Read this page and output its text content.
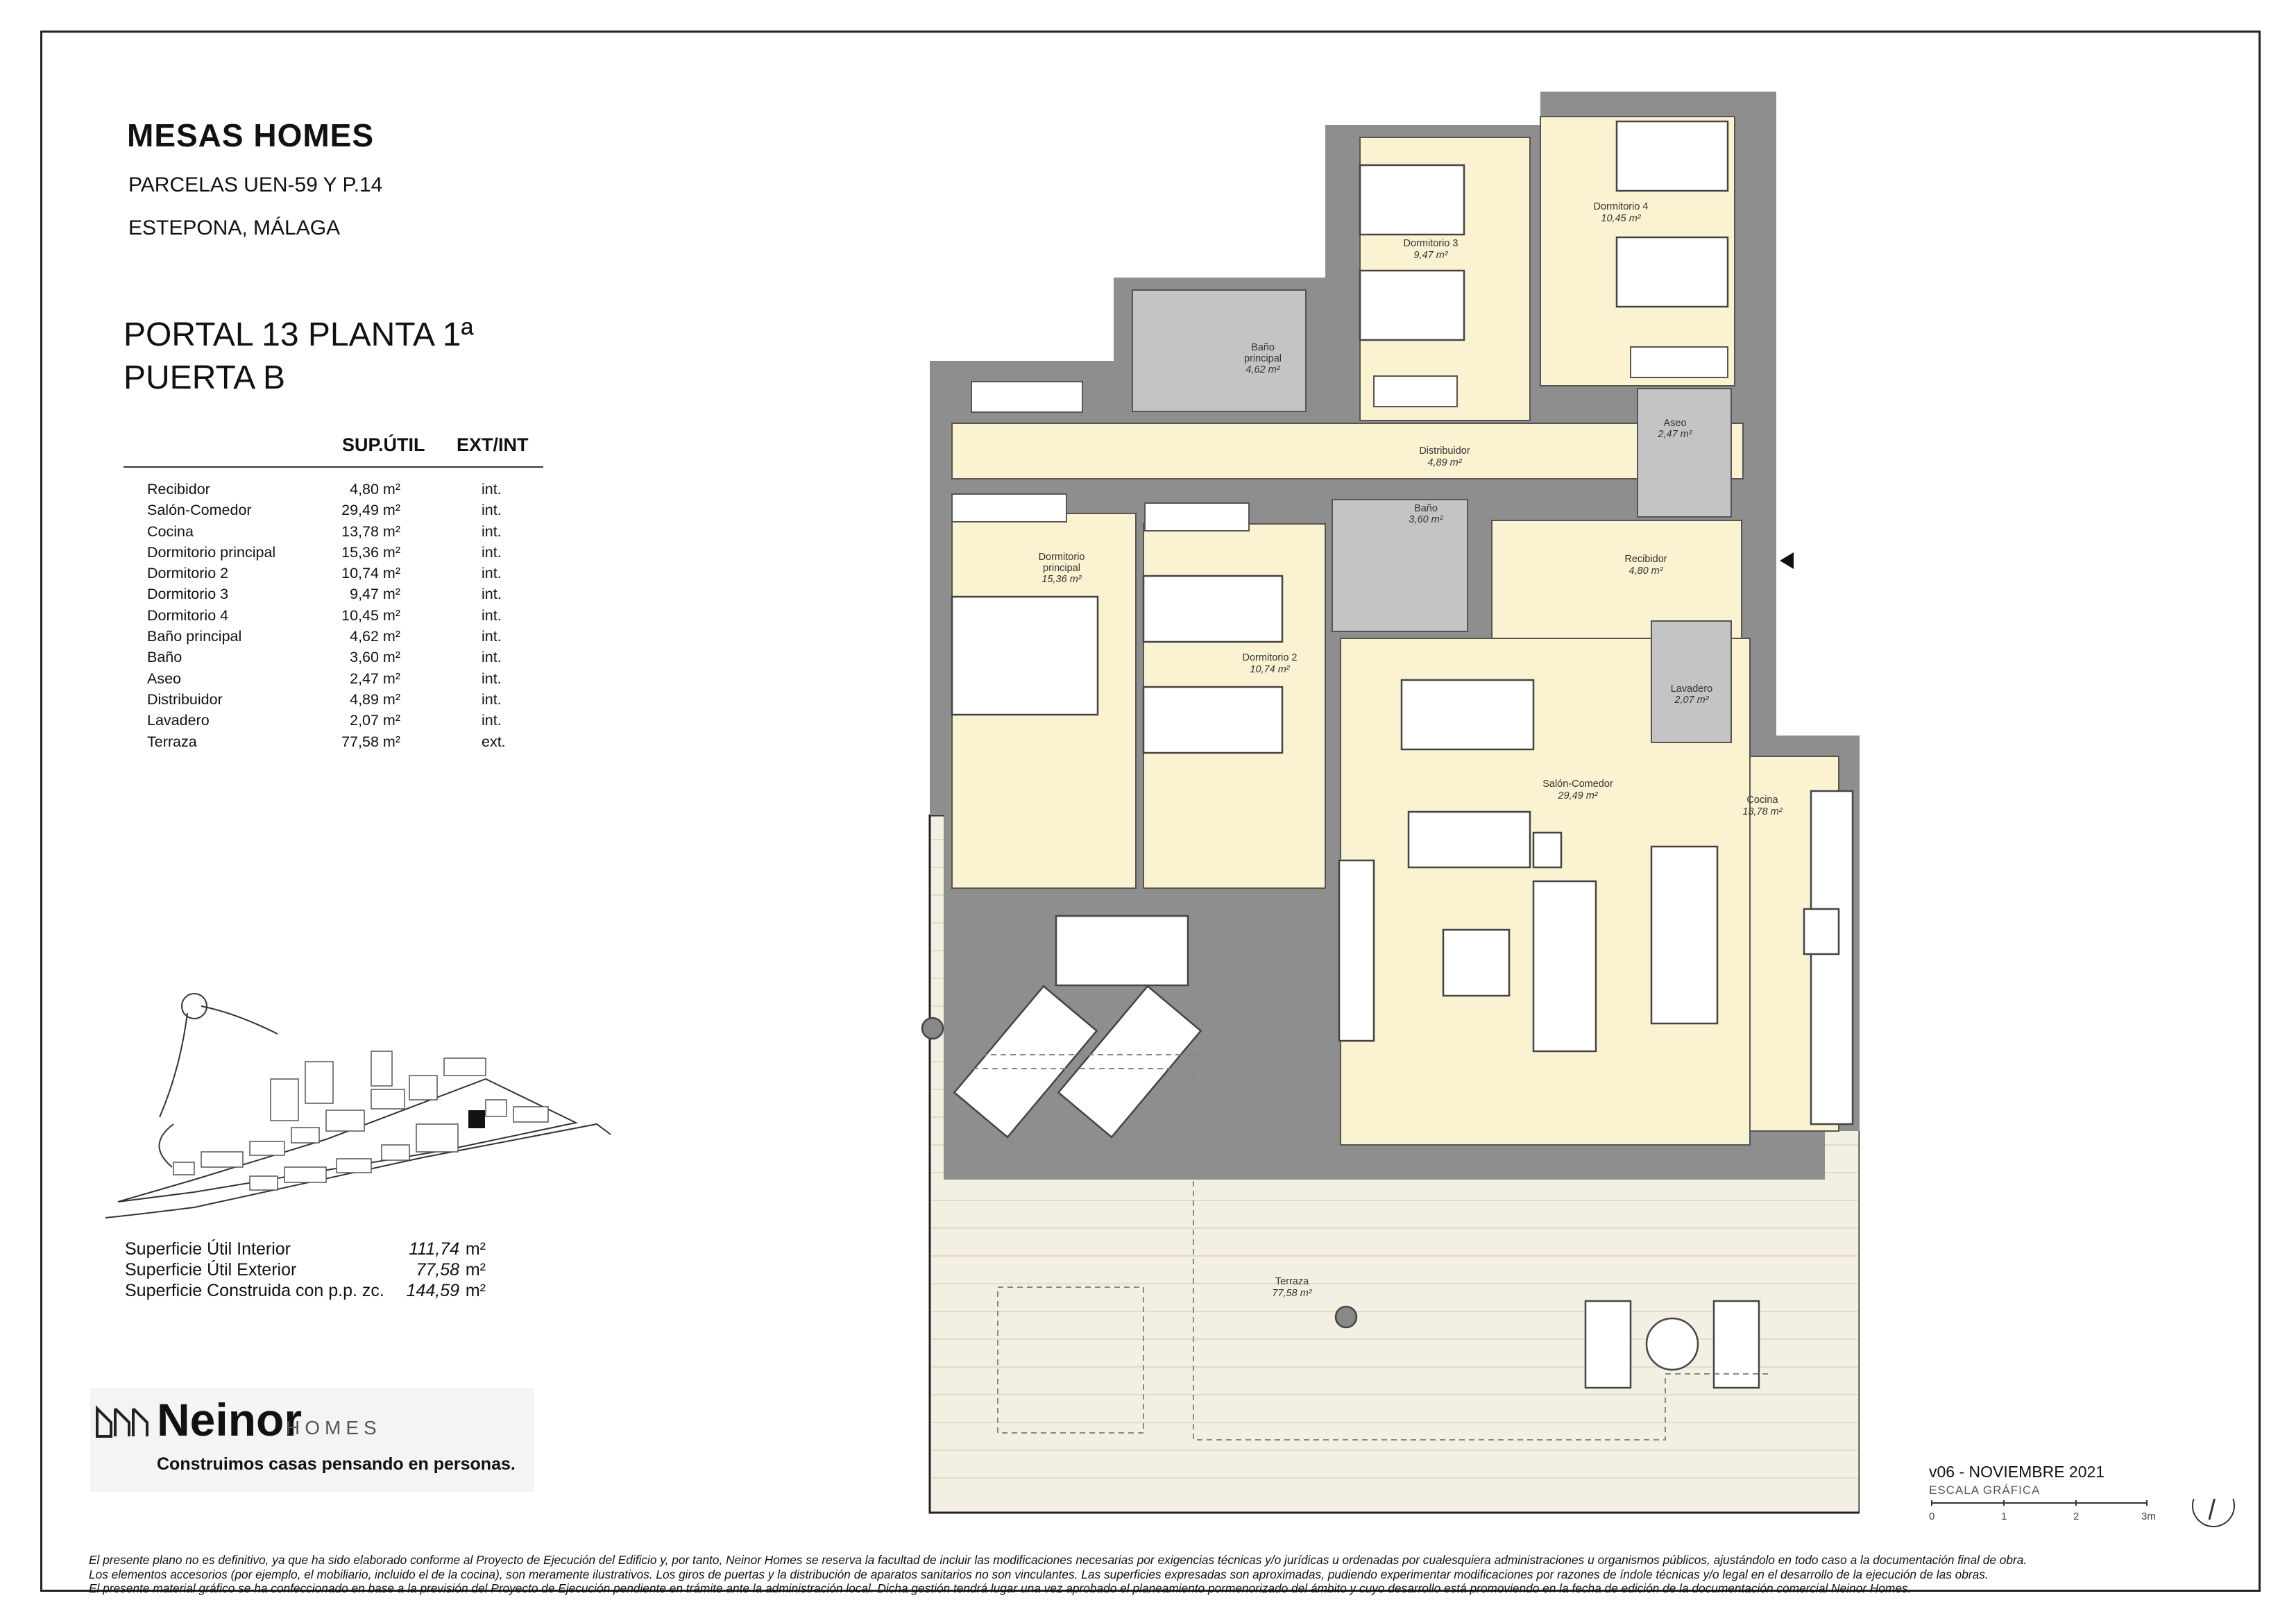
MESAS HOMES
PARCELAS UEN-59 Y P.14
ESTEPONA, MÁLAGA
PORTAL 13 PLANTA 1ª
PUERTA B
SUP.ÚTIL EXT/INT
Recibidor	4,80 m²	int.
Salón-Comedor	29,49 m²	int.
Cocina	13,78 m²	int.
Dormitorio principal	15,36 m²	int.
Dormitorio 2	10,74 m²	int.
Dormitorio 3	9,47 m²	int.
Dormitorio 4	10,45 m²	int.
Baño principal	4,62 m²	int.
Baño	3,60 m²	int.
Aseo	2,47 m²	int.
Distribuidor	4,89 m²	int.
Lavadero	2,07 m²	int.
Terraza	77,58 m²	ext.
Superficie Útil Interior	111,74 m²
Superficie Útil Exterior	77,58 m²
Superficie Construida con p.p. zc. 144,59 m²
Neinor
HOMES
Construimos casas pensando en personas.
Dormitorio 3 9,47 m²
Dormitorio 4 10,45 m²
Baño principal 4,62 m²
Aseo 2,47 m²
Distribuidor 4,89 m²
Dormitorio principal 15,36 m²
Baño 3,60 m²
Recibidor 4,80 m²
Dormitorio 2 10,74 m²
Lavadero 2,07 m²
Salón-Comedor 29,49 m²	Cocina 13,78 m²
Terraza 77,58 m²
v06 - NOVIEMBRE 2021
ESCALA GRÁFICA
0	1	2	3m
El presente plano no es definitivo, ya que ha sido elaborado conforme al Proyecto de Ejecución del Edificio y, por tanto, Neinor Homes se reserva la facultad de incluir las modificaciones necesarias por exigencias técnicas y/o jurídicas u ordenadas por cualesquiera administraciones u organismos públicos, ajustándolo en todo caso a la documentación final de obra.
Los elementos accesorios (por ejemplo, el mobiliario, incluido el de la cocina), son meramente ilustrativos. Los giros de puertas y la distribución de aparatos sanitarios no son vinculantes. Las superficies expresadas son aproximadas, pudiendo experimentar modificaciones por razones de índole técnicas y/o legal en el desarrollo de la ejecución de las obras.
El presente material gráfico se ha confeccionado en base a la previsión del Proyecto de Ejecución pendiente en trámite ante la administración local. Dicha gestión tendrá lugar una vez aprobado el planeamiento pormenorizado del ámbito y cuyo desarrollo está promoviendo en la fecha de edición de la documentación comercial Neinor Homes.
